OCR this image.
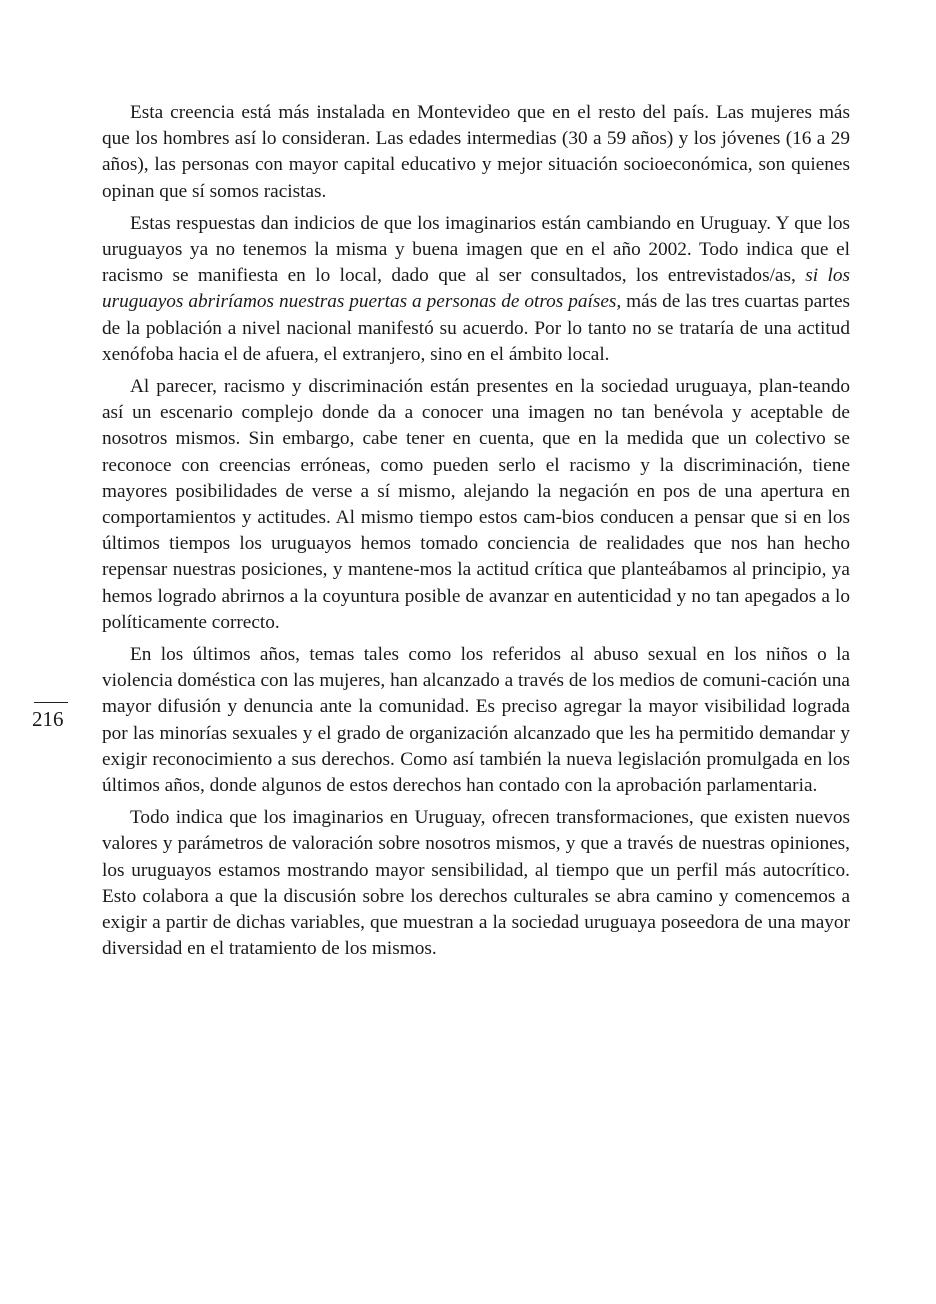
216

Esta creencia está más instalada en Montevideo que en el resto del país. Las mujeres más que los hombres así lo consideran. Las edades intermedias (30 a 59 años) y los jóvenes (16 a 29 años), las personas con mayor capital educativo y mejor situación socioeconómica, son quienes opinan que sí somos racistas.

Estas respuestas dan indicios de que los imaginarios están cambiando en Uruguay. Y que los uruguayos ya no tenemos la misma y buena imagen que en el año 2002. Todo indica que el racismo se manifiesta en lo local, dado que al ser consultados, los entrevistados/as, si los uruguayos abriríamos nuestras puertas a personas de otros países, más de las tres cuartas partes de la población a nivel nacional manifestó su acuerdo. Por lo tanto no se trataría de una actitud xenófoba hacia el de afuera, el extranjero, sino en el ámbito local.

Al parecer, racismo y discriminación están presentes en la sociedad uruguaya, plan-teando así un escenario complejo donde da a conocer una imagen no tan benévola y aceptable de nosotros mismos. Sin embargo, cabe tener en cuenta, que en la medida que un colectivo se reconoce con creencias erróneas, como pueden serlo el racismo y la discriminación, tiene mayores posibilidades de verse a sí mismo, alejando la negación en pos de una apertura en comportamientos y actitudes. Al mismo tiempo estos cam-bios conducen a pensar que si en los últimos tiempos los uruguayos hemos tomado conciencia de realidades que nos han hecho repensar nuestras posiciones, y mantene-mos la actitud crítica que planteábamos al principio, ya hemos logrado abrirnos a la coyuntura posible de avanzar en autenticidad y no tan apegados a lo políticamente correcto.

En los últimos años, temas tales como los referidos al abuso sexual en los niños o la violencia doméstica con las mujeres, han alcanzado a través de los medios de comuni-cación una mayor difusión y denuncia ante la comunidad. Es preciso agregar la mayor visibilidad lograda por las minorías sexuales y el grado de organización alcanzado que les ha permitido demandar y exigir reconocimiento a sus derechos. Como así también la nueva legislación promulgada en los últimos años, donde algunos de estos derechos han contado con la aprobación parlamentaria.

Todo indica que los imaginarios en Uruguay, ofrecen transformaciones, que existen nuevos valores y parámetros de valoración sobre nosotros mismos, y que a través de nuestras opiniones, los uruguayos estamos mostrando mayor sensibilidad, al tiempo que un perfil más autocrítico. Esto colabora a que la discusión sobre los derechos culturales se abra camino y comencemos a exigir a partir de dichas variables, que muestran a la sociedad uruguaya poseedora de una mayor diversidad en el tratamiento de los mismos.
